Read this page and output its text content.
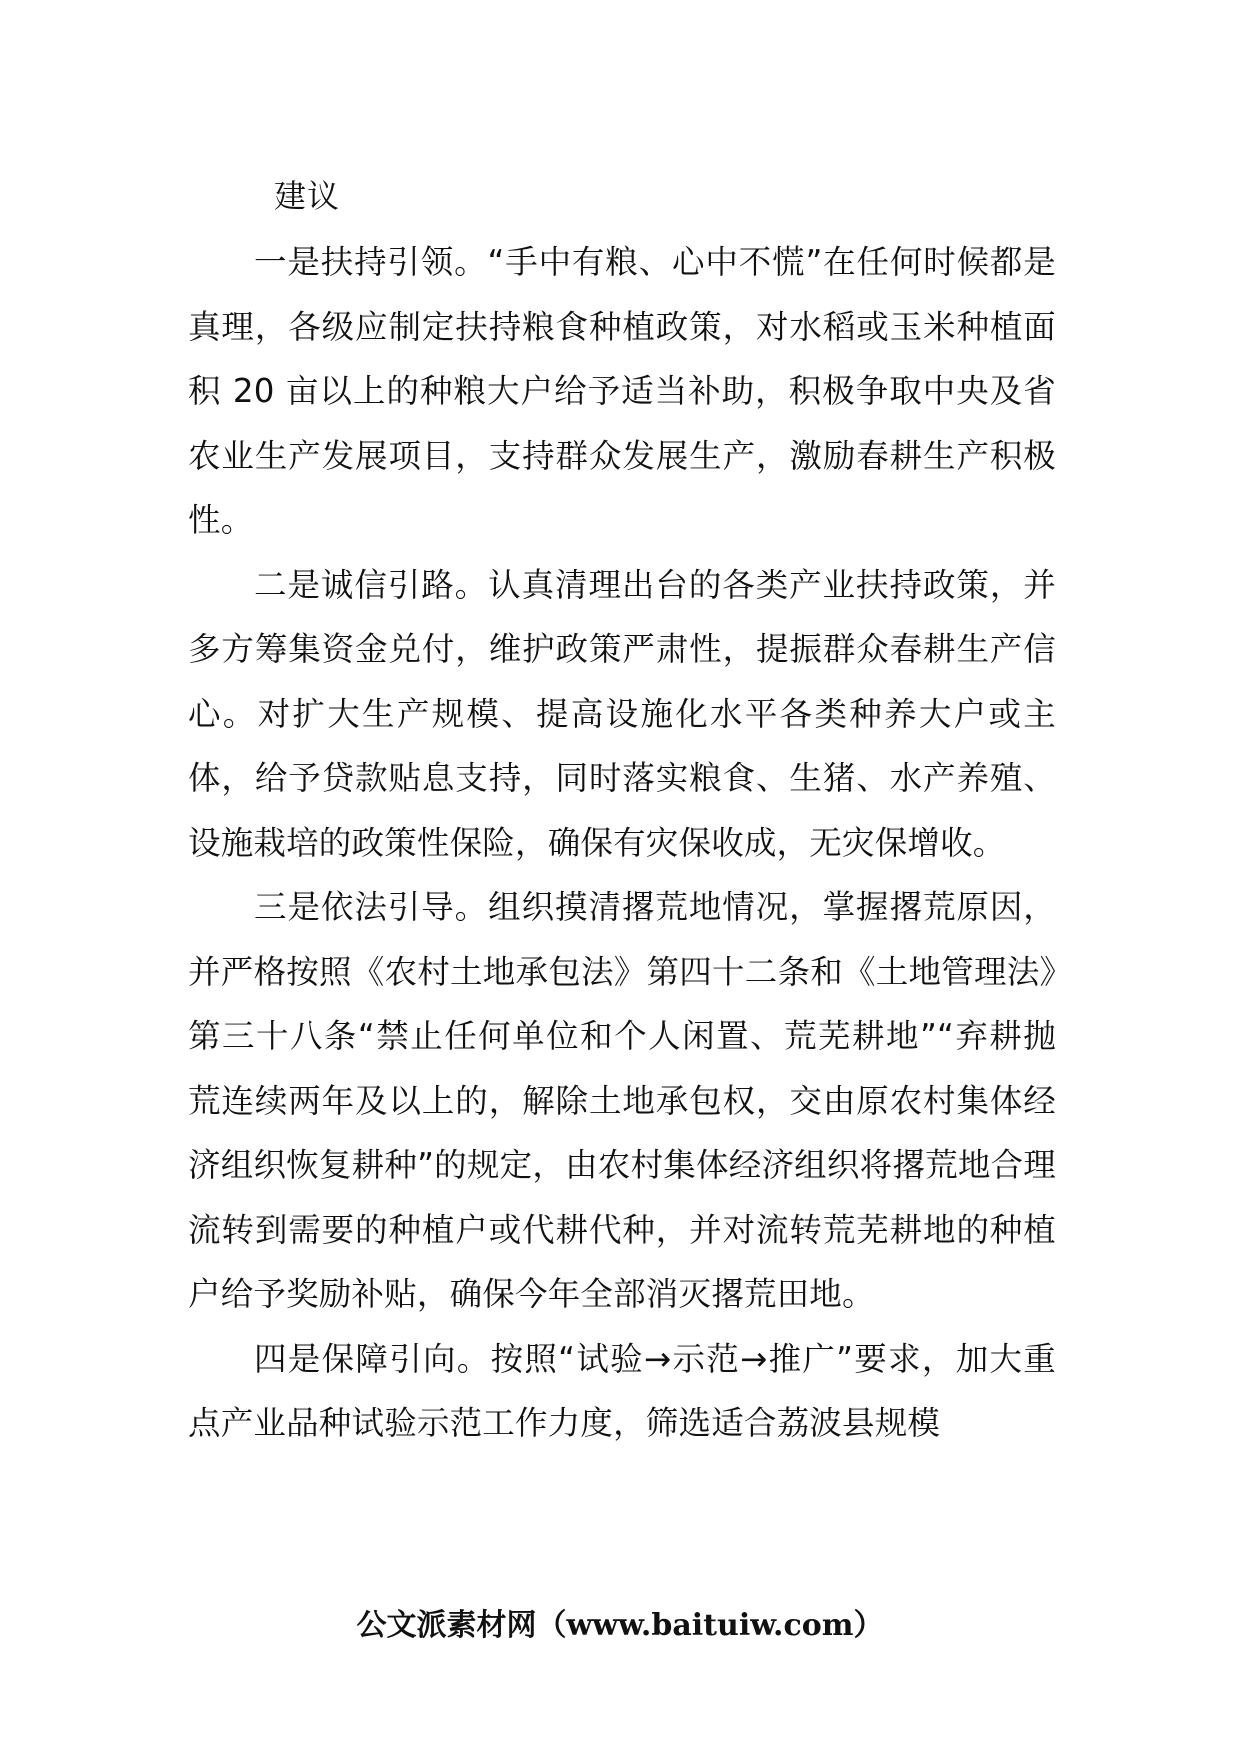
建议

一是扶持引领。“手中有粮、心中不慌”在任何时候都是真理，各级应制定扶持粮食种植政策，对水稻或玉米种植面积 20 亩以上的种粮大户给予适当补助，积极争取中央及省农业生产发展项目，支持群众发展生产，激励春耕生产积极性。

二是诚信引路。认真清理出台的各类产业扶持政策，并多方筹集资金兑付，维护政策严肃性，提振群众春耕生产信心。对扩大生产规模、提高设施化水平各类种养大户或主体，给予贷款贴息支持，同时落实粮食、生猪、水产养殖、设施栽培的政策性保险，确保有灾保收成，无灾保增收。

三是依法引导。组织摸清撂荒地情况，掌握撂荒原因，并严格按照《农村土地承包法》第四十二条和《土地管理法》第三十八条“禁止任何单位和个人闲置、荒芜耕地”“弃耕抛荒连续两年及以上的，解除土地承包权，交由原农村集体经济组织恢复耕种”的规定，由农村集体经济组织将撂荒地合理流转到需要的种植户或代耕代种，并对流转荒芜耕地的种植户给予奖励补贴，确保今年全部消灭撂荒田地。

四是保障引向。按照“试验→示范→推广”要求，加大重点产业品种试验示范工作力度，筛选适合荔波县规模

公文派素材网（www.baituiw.com）
